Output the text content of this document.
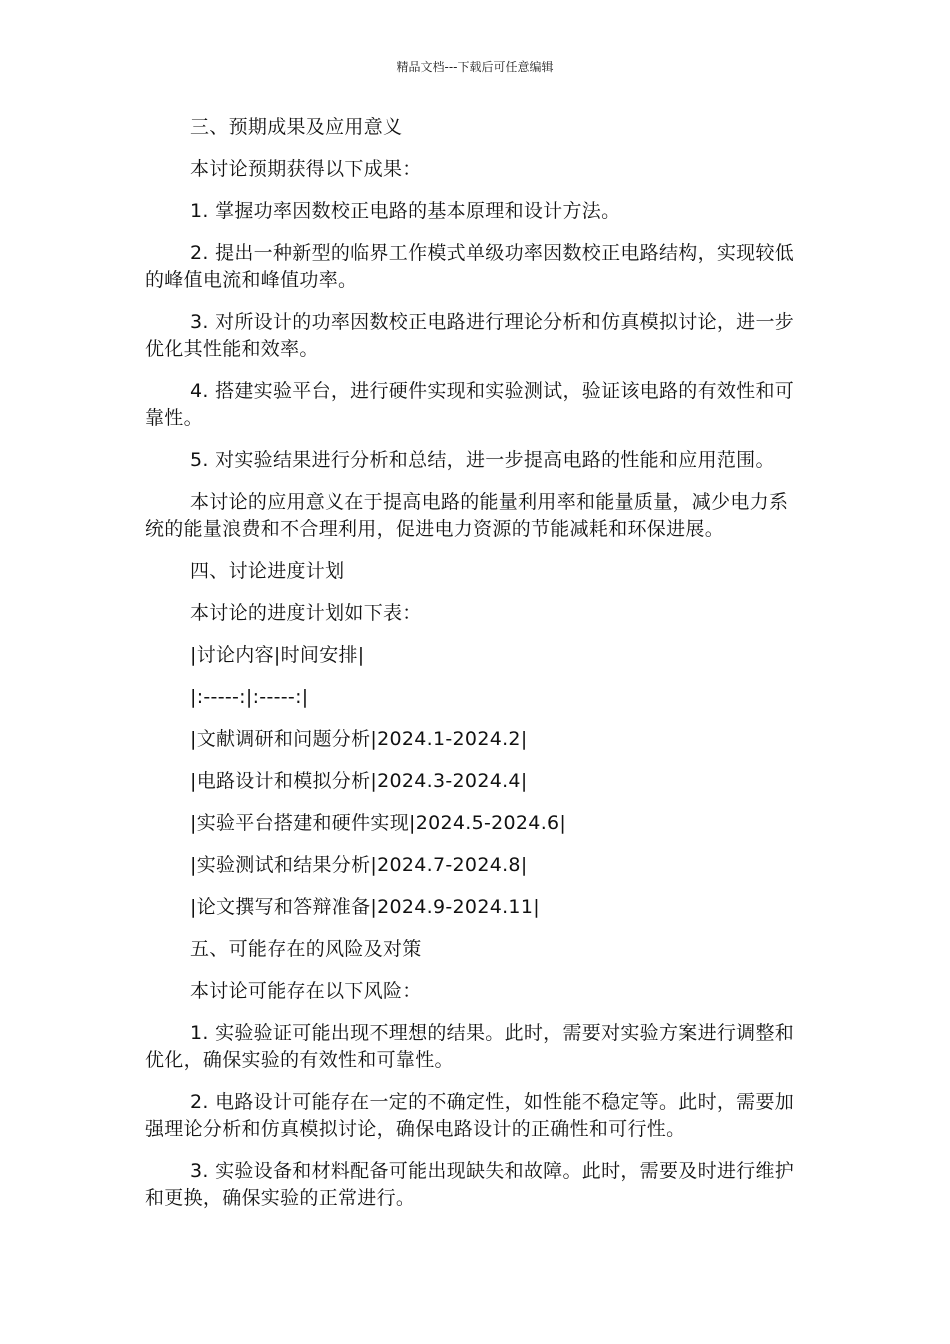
精品文档---下载后可任意编辑

三、预期成果及应用意义

本讨论预期获得以下成果：

1. 掌握功率因数校正电路的基本原理和设计方法。

2. 提出一种新型的临界工作模式单级功率因数校正电路结构，实现较低的峰值电流和峰值功率。

3. 对所设计的功率因数校正电路进行理论分析和仿真模拟讨论，进一步优化其性能和效率。

4. 搭建实验平台，进行硬件实现和实验测试，验证该电路的有效性和可靠性。

5. 对实验结果进行分析和总结，进一步提高电路的性能和应用范围。

本讨论的应用意义在于提高电路的能量利用率和能量质量，减少电力系统的能量浪费和不合理利用，促进电力资源的节能减耗和环保进展。

四、讨论进度计划

本讨论的进度计划如下表：

|讨论内容|时间安排|

|:-----:|:-----:|

|文献调研和问题分析|2024.1-2024.2|

|电路设计和模拟分析|2024.3-2024.4|

|实验平台搭建和硬件实现|2024.5-2024.6|

|实验测试和结果分析|2024.7-2024.8|

|论文撰写和答辩准备|2024.9-2024.11|

五、可能存在的风险及对策

本讨论可能存在以下风险：

1. 实验验证可能出现不理想的结果。此时，需要对实验方案进行调整和优化，确保实验的有效性和可靠性。

2. 电路设计可能存在一定的不确定性，如性能不稳定等。此时，需要加强理论分析和仿真模拟讨论，确保电路设计的正确性和可行性。

3. 实验设备和材料配备可能出现缺失和故障。此时，需要及时进行维护和更换，确保实验的正常进行。
